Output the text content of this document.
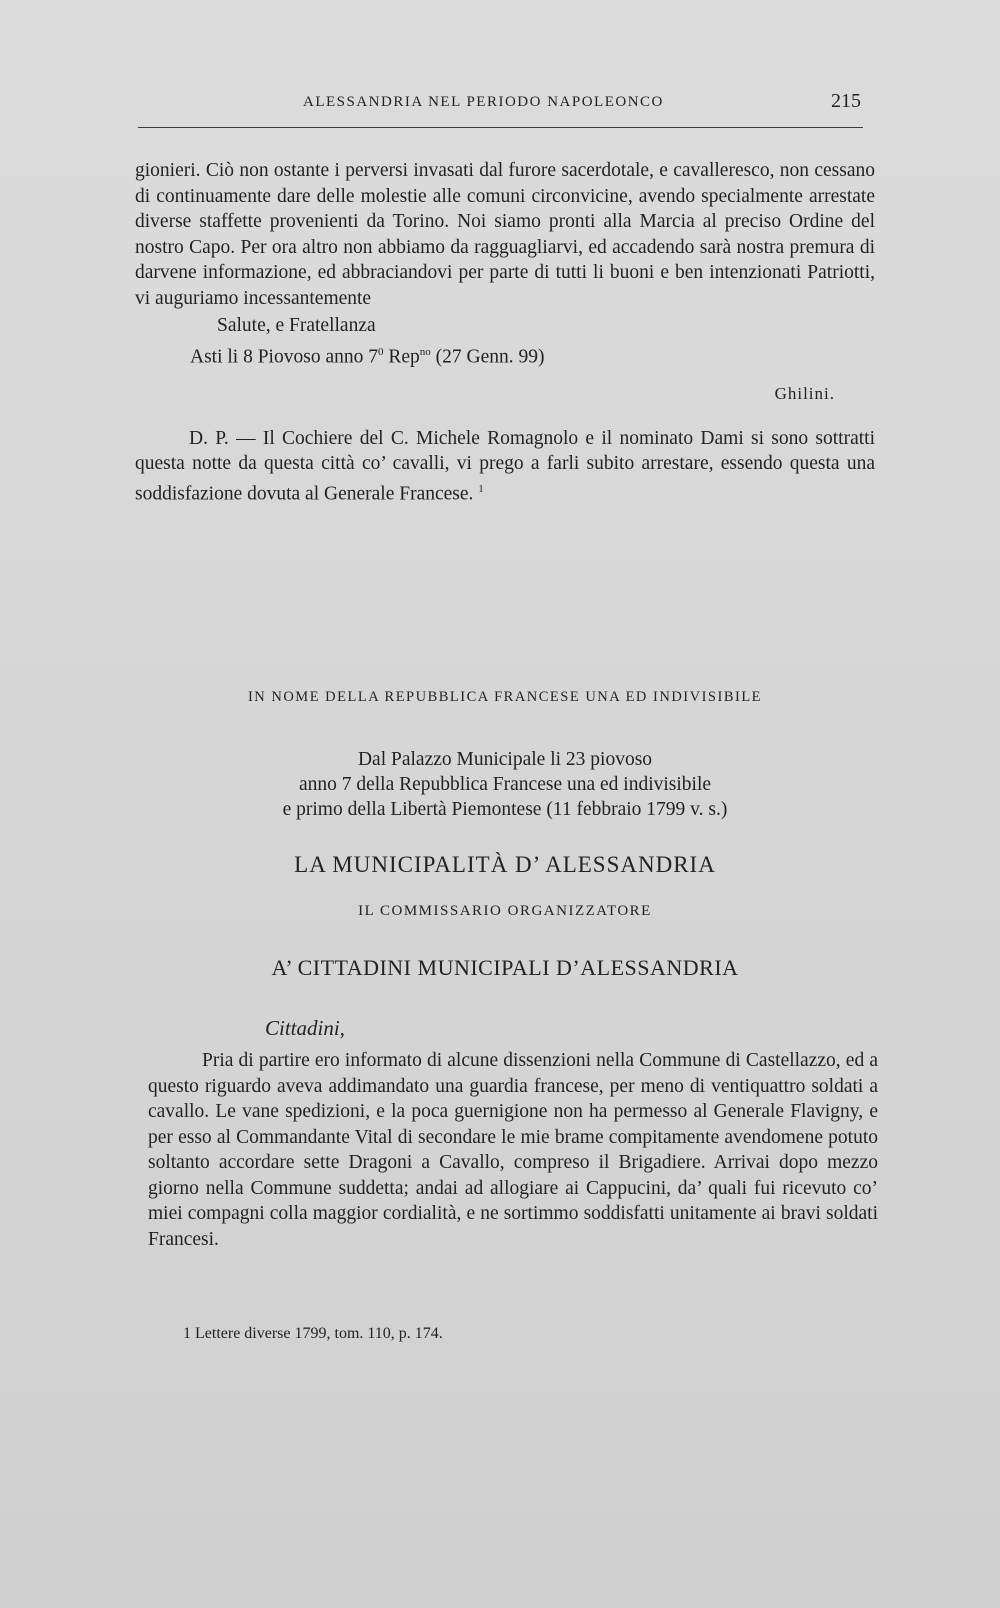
ALESSANDRIA NEL PERIODO NAPOLEONCO	215

gionieri. Ciò non ostante i perversi invasati dal furore sacerdotale, e cavalleresco, non cessano di continuamente dare delle molestie alle comuni circonvicine, avendo specialmente arrestate diverse staffette provenienti da Torino. Noi siamo pronti alla Marcia al preciso Ordine del nostro Capo. Per ora altro non abbiamo da ragguagliarvi, ed accadendo sarà nostra premura di darvene informazione, ed abbraciandovi per parte di tutti li buoni e ben intenzionati Patriotti, vi auguriamo incessantemente

Salute, e Fratellanza

Asti li 8 Piovoso anno $7^0$ Rep$^{no}$ (27 Genn. 99)

Ghilini.

D. P. — Il Cochiere del C. Michele Romagnolo e il nominato Dami si sono sottratti questa notte da questa città co’ cavalli, vi prego a farli subito arrestare, essendo questa una soddisfazione dovuta al Generale Francese. $^1$

IN NOME DELLA REPUBBLICA FRANCESE UNA ED INDIVISIBILE
Dal Palazzo Municipale li 23 piovoso
anno 7 della Repubblica Francese una ed indivisibile
e primo della Libertà Piemontese (11 febbraio 1799 v. s.)
LA MUNICIPALITÀ D’ ALESSANDRIA
IL COMMISSARIO ORGANIZZATORE
A’ CITTADINI MUNICIPALI D’ALESSANDRIA
Cittadini,

Pria di partire ero informato di alcune dissenzioni nella Commune di Castellazzo, ed a questo riguardo aveva addimandato una guardia francese, per meno di ventiquattro soldati a cavallo. Le vane spedizioni, e la poca guernigione non ha permesso al Generale Flavigny, e per esso al Commandante Vital di secondare le mie brame compitamente avendomene potuto soltanto accordare sette Dragoni a Cavallo, compreso il Brigadiere. Arrivai dopo mezzo giorno nella Commune suddetta; andai ad allogiare ai Cappucini, da’ quali fui ricevuto co’ miei compagni colla maggior cordialità, e ne sortimmo soddisfatti unitamente ai bravi soldati Francesi.

1 Lettere diverse 1799, tom. 110, p. 174.
